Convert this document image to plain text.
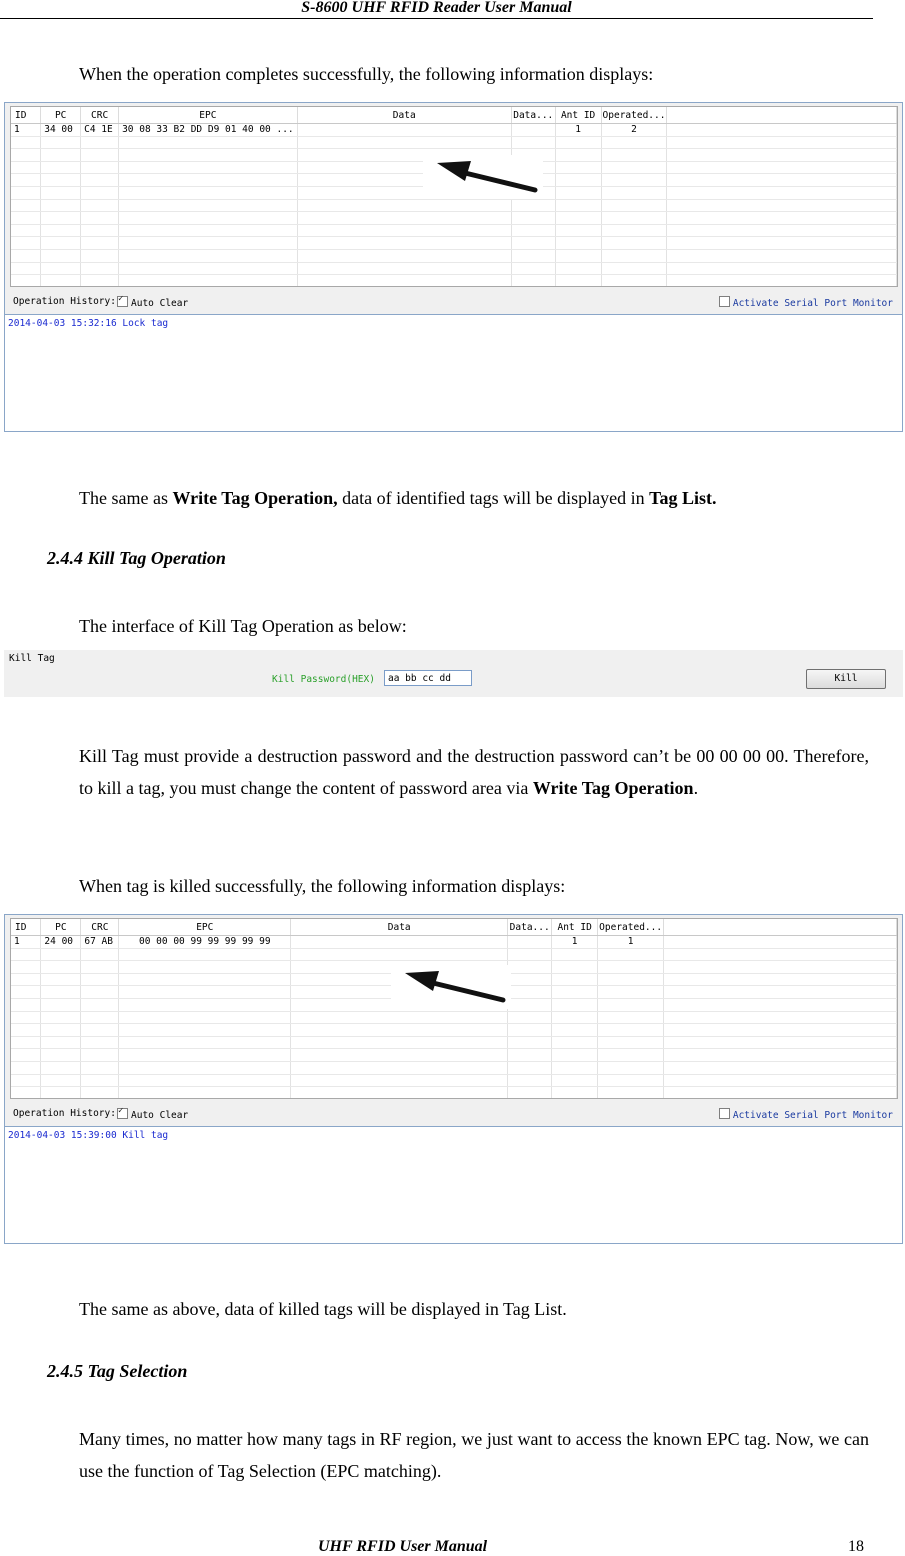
S-8600 UHF RFID Reader User Manual
When the operation completes successfully, the following information displays:
ID	PC	CRC	EPC	Data	Data...	Ant ID	Operated...	
1	34 00	C4 1E	30 08 33 B2 DD D9 01 40 00 ...			1	2	

Operation History: ✓	Auto Clear	Activate Serial Port Monitor
2014-04-03 15:32:16 Lock tag
The same as Write Tag Operation, data of identified tags will be displayed in Tag List.
2.4.4 Kill Tag Operation
The interface of Kill Tag Operation as below:
Kill Tag
Kill Password(HEX)	aa bb cc dd	Kill
Kill Tag must provide a destruction password and the destruction password can’t be 00 00 00 00. Therefore, to kill a tag, you must change the content of password area via Write Tag Operation.
When tag is killed successfully, the following information displays:
ID	PC	CRC	EPC	Data	Data...	Ant ID	Operated...	
1	24 00	67 AB	00 00 00 99 99 99 99 99			1	1	

Operation History: ✓	Auto Clear	Activate Serial Port Monitor
2014-04-03 15:39:00 Kill tag
The same as above, data of killed tags will be displayed in Tag List.
2.4.5 Tag Selection
Many times, no matter how many tags in RF region, we just want to access the known EPC tag. Now, we can use the function of Tag Selection (EPC matching).
UHF RFID User Manual	18
